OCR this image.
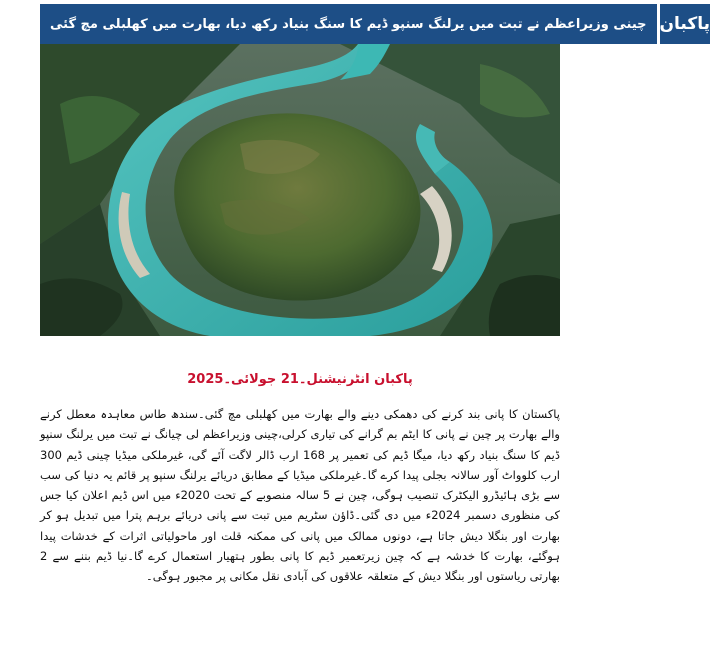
چینی وزیراعظم نے تبت میں یرلنگ سنپو ڈیم کا سنگ بنیاد رکھ دیا، بھارت میں کھلبلی مچ گئی پاکبان
پاکبان انٹرنیشنل۔21 جولائی۔2025
پاکستان کا پانی بند کرنے کی دھمکی دینے والے بھارت میں کھلبلی مچ گئی۔سندھ طاس معاہدہ معطل کرنے والے بھارت پر چین نے پانی کا ایٹم بم گرانے کی تیاری کرلی،چینی وزیراعظم لی چیانگ نے تبت میں یرلنگ سنپو ڈیم کا سنگ بنیاد رکھ دیا، میگا ڈیم کی تعمیر پر 168 ارب ڈالر لاگت آئے گی، غیرملکی میڈیا چینی ڈیم 300 ارب کلوواٹ آور سالانہ بجلی پیدا کرے گا۔غیرملکی میڈیا کے مطابق دریائے یرلنگ سنپو پر قائم یہ دنیا کی سب سے بڑی ہائیڈرو الیکٹرک تنصیب ہوگی، چین نے 5 سالہ منصوبے کے تحت 2020ء میں اس ڈیم اعلان کیا جس کی منظوری دسمبر 2024ء میں دی گئی۔ڈاؤن سٹریم میں تبت سے پانی دریائے برہم پترا میں تبدیل ہو کر بھارت اور بنگلا دیش جاتا ہے، دونوں ممالک میں پانی کی ممکنہ قلت اور ماحولیاتی اثرات کے خدشات پیدا ہوگئے، بھارت کا خدشہ ہے کہ چین زیرتعمیر ڈیم کا پانی بطور ہتھیار استعمال کرے گا۔نیا ڈیم بننے سے 2 بھارتی ریاستوں اور بنگلا دیش کے متعلقہ علاقوں کی آبادی نقل مکانی پر مجبور ہوگی۔
